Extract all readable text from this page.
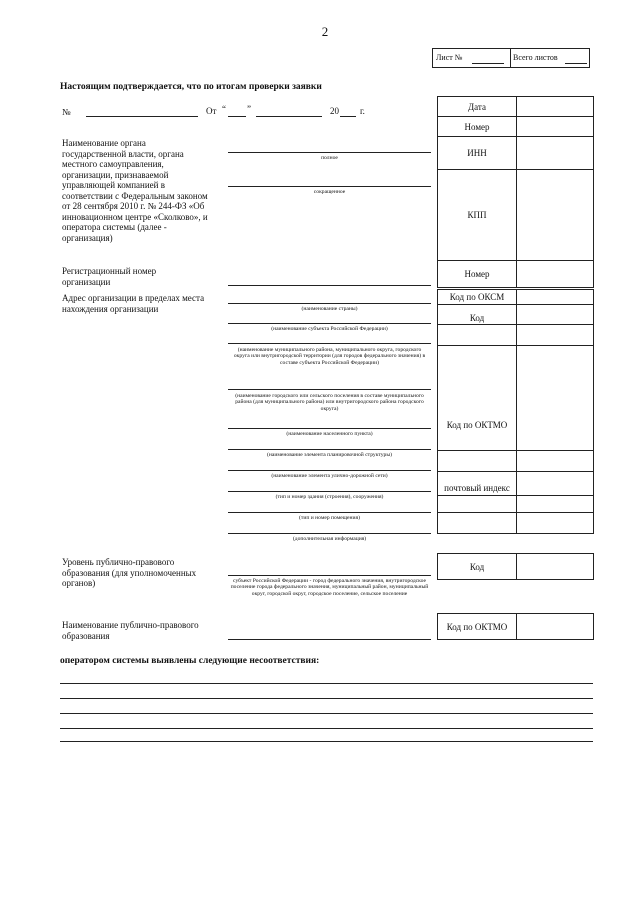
2
Лист №	Всего листов
Настоящим подтверждается, что по итогам проверки заявки
№	От “ ”	20 г.
Наименование органа государственной власти, органа местного самоуправления, организации, признаваемой управляющей компанией в соответствии с Федеральным законом от 28 сентября 2010 г. № 244-ФЗ «Об инновационном центре «Сколково», и оператора системы (далее - организация)
полное
сокращенное
Дата
Номер
ИНН
КПП
Номер
Регистрационный номер организации
Адрес организации в пределах места нахождения организации	(наименование страны)
(наименование субъекта Российской Федерации)
(наименование муниципального района, муниципального округа, городского округа или внутригородской территории (для городов федерального значения) в составе субъекта Российской Федерации)
(наименование городского или сельского поселения в составе муниципального района (для муниципального района) или внутригородского района городского округа)
(наименование населенного пункта)
(наименование элемента планировочной структуры)
(наименование элемента улично-дорожной сети)
(тип и номер здания (строения), сооружения)
(тип и номер помещения)
(дополнительная информация)
Код по ОКСМ
Код
Код по ОКТМО
почтовый индекс
Уровень публично-правового образования (для уполномоченных органов)	субъект Российской Федерации - город федерального значения, внутригородское поселение города федерального значения, муниципальный район, муниципальный округ, городской округ, городское поселение, сельское поселение
Код
Наименование публично-правового образования
Код по ОКТМО
оператором системы выявлены следующие несоответствия:
